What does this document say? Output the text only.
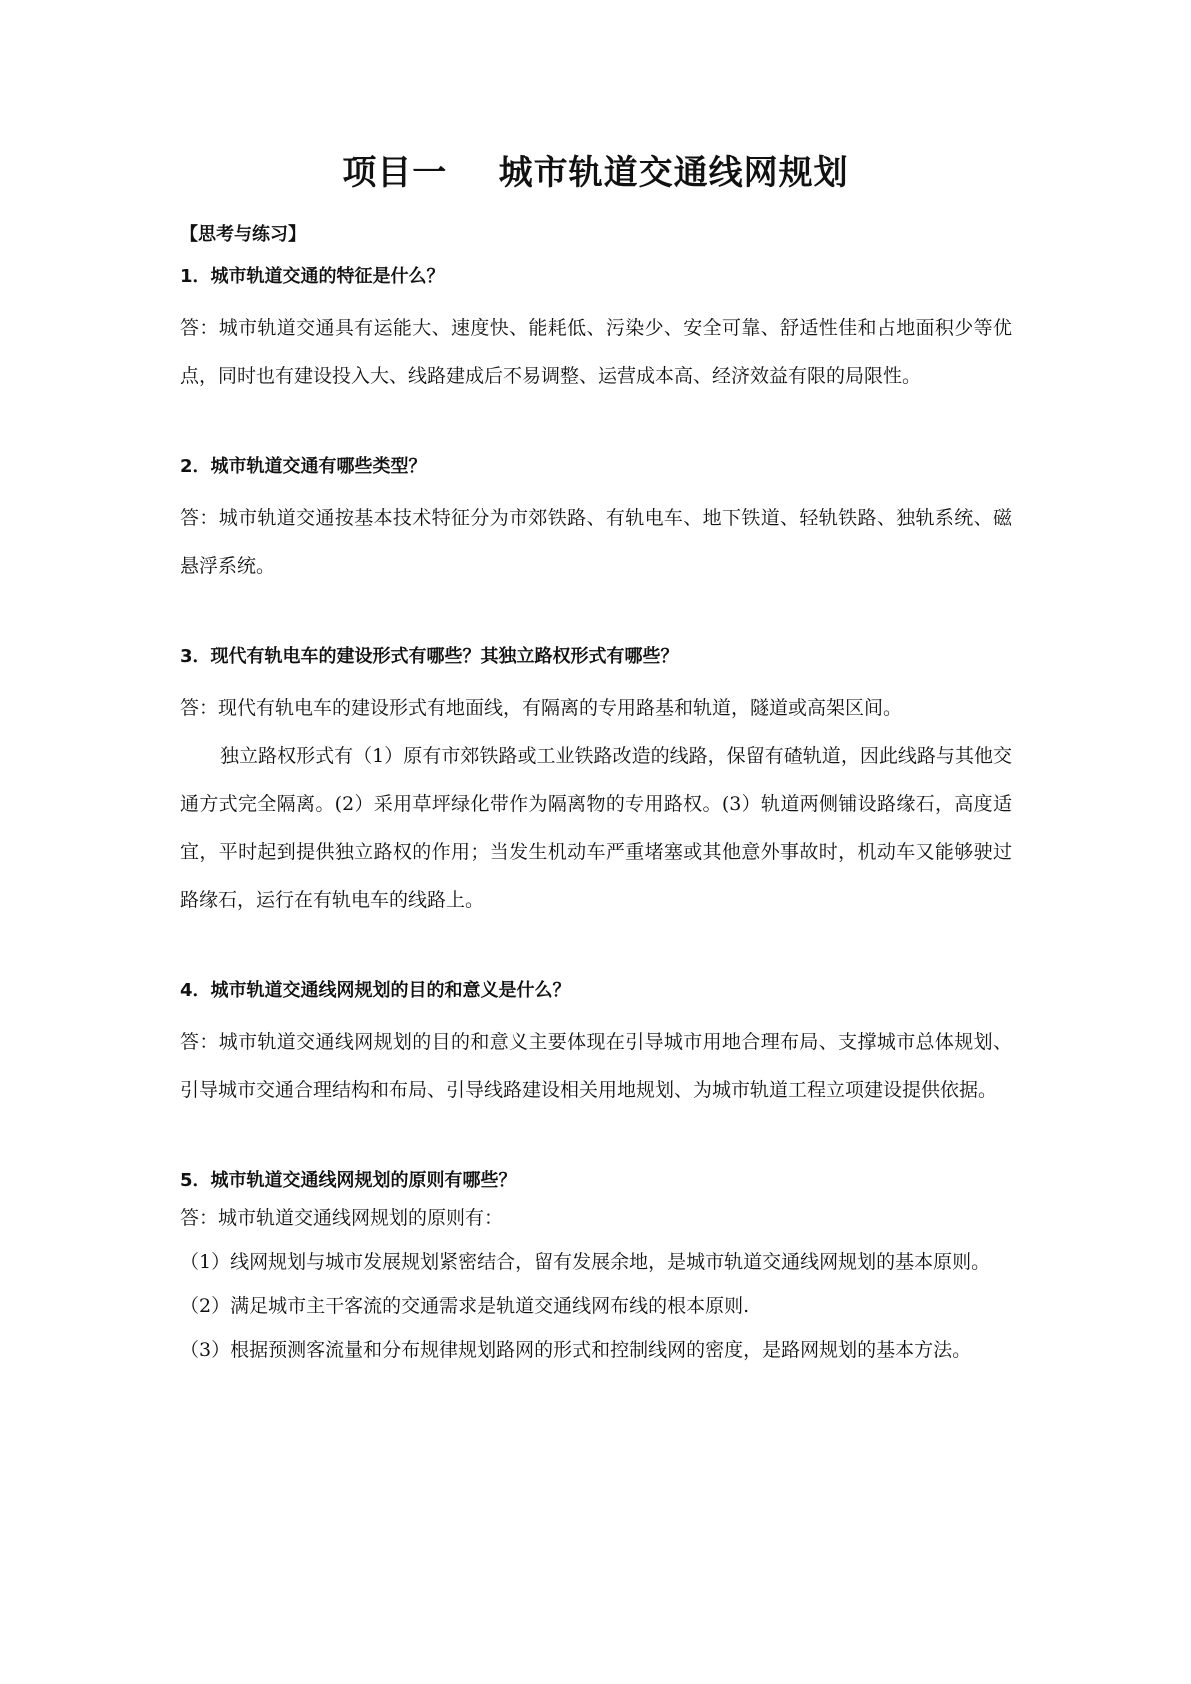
项目一    城市轨道交通线网规划
【思考与练习】
1．城市轨道交通的特征是什么？

答：城市轨道交通具有运能大、速度快、能耗低、污染少、安全可靠、舒适性佳和占地面积少等优点，同时也有建设投入大、线路建成后不易调整、运营成本高、经济效益有限的局限性。

2．城市轨道交通有哪些类型？

答：城市轨道交通按基本技术特征分为市郊铁路、有轨电车、地下铁道、轻轨铁路、独轨系统、磁悬浮系统。

3．现代有轨电车的建设形式有哪些？其独立路权形式有哪些？

答：现代有轨电车的建设形式有地面线，有隔离的专用路基和轨道，隧道或高架区间。

独立路权形式有（1）原有市郊铁路或工业铁路改造的线路，保留有碴轨道，因此线路与其他交通方式完全隔离。(2）采用草坪绿化带作为隔离物的专用路权。(3）轨道两侧铺设路缘石，高度适宜，平时起到提供独立路权的作用；当发生机动车严重堵塞或其他意外事故时，机动车又能够驶过路缘石，运行在有轨电车的线路上。

4．城市轨道交通线网规划的目的和意义是什么？

答：城市轨道交通线网规划的目的和意义主要体现在引导城市用地合理布局、支撑城市总体规划、引导城市交通合理结构和布局、引导线路建设相关用地规划、为城市轨道工程立项建设提供依据。

5．城市轨道交通线网规划的原则有哪些？

答：城市轨道交通线网规划的原则有：

（1）线网规划与城市发展规划紧密结合，留有发展余地，是城市轨道交通线网规划的基本原则。

（2）满足城市主干客流的交通需求是轨道交通线网布线的根本原则.

（3）根据预测客流量和分布规律规划路网的形式和控制线网的密度，是路网规划的基本方法。
